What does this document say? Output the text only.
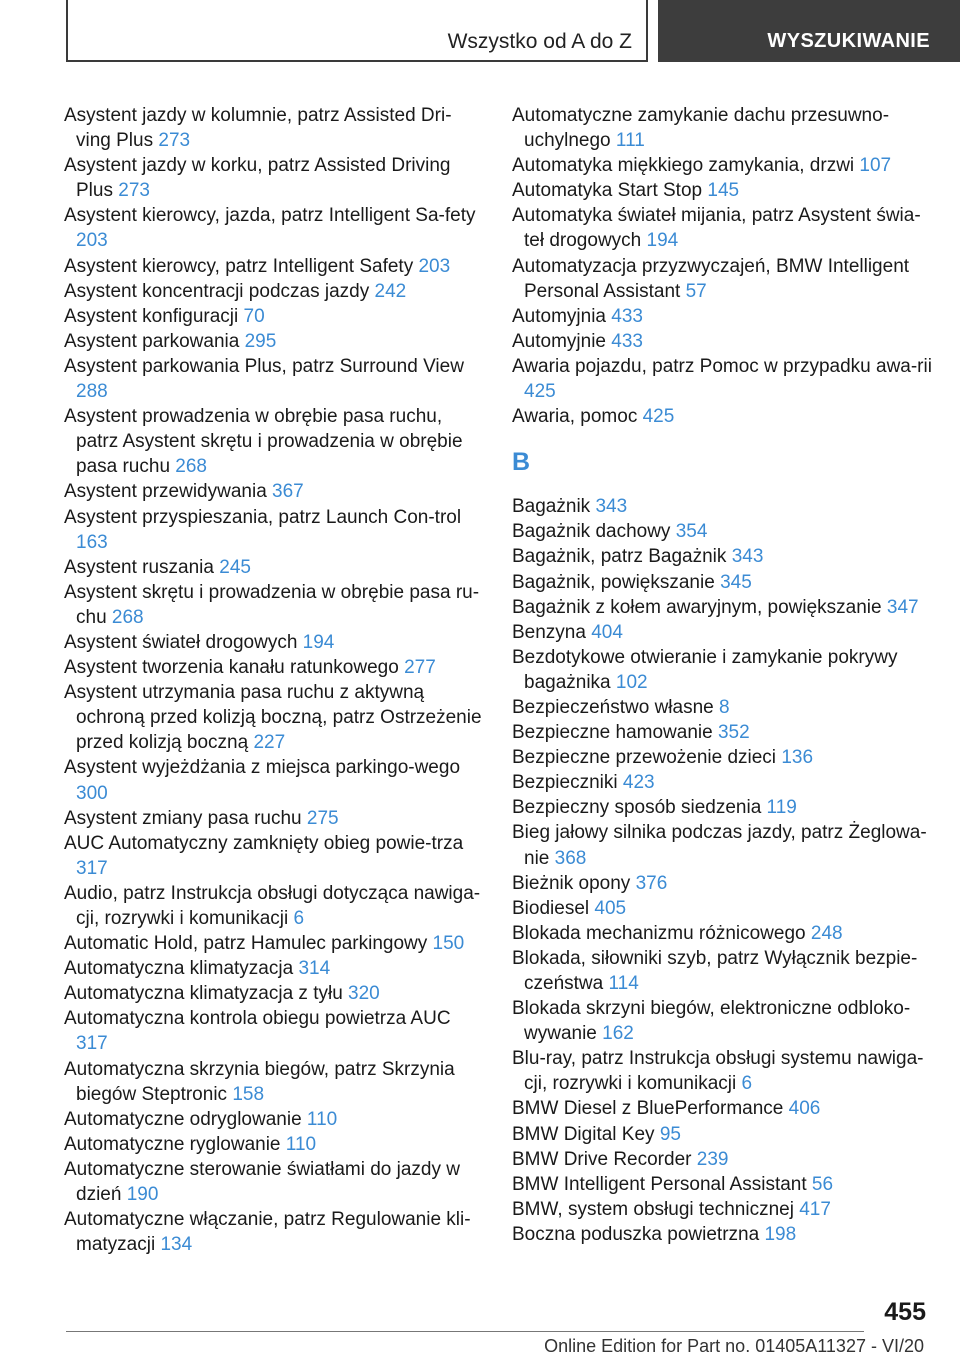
Wszystko od A do Z	WYSZUKIWANIE
Asystent jazdy w kolumnie, patrz Assisted Dri-ving Plus 273
Asystent jazdy w korku, patrz Assisted Driving Plus 273
Asystent kierowcy, jazda, patrz Intelligent Sa-fety 203
Asystent kierowcy, patrz Intelligent Safety 203
Asystent koncentracji podczas jazdy 242
Asystent konfiguracji 70
Asystent parkowania 295
Asystent parkowania Plus, patrz Surround View 288
Asystent prowadzenia w obrębie pasa ruchu, patrz Asystent skrętu i prowadzenia w obrębie pasa ruchu 268
Asystent przewidywania 367
Asystent przyspieszania, patrz Launch Con-trol 163
Asystent ruszania 245
Asystent skrętu i prowadzenia w obrębie pasa ru-chu 268
Asystent świateł drogowych 194
Asystent tworzenia kanału ratunkowego 277
Asystent utrzymania pasa ruchu z aktywną ochroną przed kolizją boczną, patrz Ostrzeżenie przed kolizją boczną 227
Asystent wyjeżdżania z miejsca parkingo-wego 300
Asystent zmiany pasa ruchu 275
AUC Automatyczny zamknięty obieg powie-trza 317
Audio, patrz Instrukcja obsługi dotycząca nawiga-cji, rozrywki i komunikacji 6
Automatic Hold, patrz Hamulec parkingowy 150
Automatyczna klimatyzacja 314
Automatyczna klimatyzacja z tyłu 320
Automatyczna kontrola obiegu powietrza AUC 317
Automatyczna skrzynia biegów, patrz Skrzynia biegów Steptronic 158
Automatyczne odryglowanie 110
Automatyczne ryglowanie 110
Automatyczne sterowanie światłami do jazdy w dzień 190
Automatyczne włączanie, patrz Regulowanie kli-matyzacji 134
Automatyczne zamykanie dachu przesuwno-uchylnego 111
Automatyka miękkiego zamykania, drzwi 107
Automatyka Start Stop 145
Automatyka świateł mijania, patrz Asystent świa-teł drogowych 194
Automatyzacja przyzwyczajeń, BMW Intelligent Personal Assistant 57
Automyjnia 433
Automyjnie 433
Awaria pojazdu, patrz Pomoc w przypadku awa-rii 425
Awaria, pomoc 425
B
Bagażnik 343
Bagażnik dachowy 354
Bagażnik, patrz Bagażnik 343
Bagażnik, powiększanie 345
Bagażnik z kołem awaryjnym, powiększanie 347
Benzyna 404
Bezdotykowe otwieranie i zamykanie pokrywy bagażnika 102
Bezpieczeństwo własne 8
Bezpieczne hamowanie 352
Bezpieczne przewożenie dzieci 136
Bezpieczniki 423
Bezpieczny sposób siedzenia 119
Bieg jałowy silnika podczas jazdy, patrz Żeglowa-nie 368
Bieżnik opony 376
Biodiesel 405
Blokada mechanizmu różnicowego 248
Blokada, siłowniki szyb, patrz Wyłącznik bezpie-czeństwa 114
Blokada skrzyni biegów, elektroniczne odbloko-wywanie 162
Blu-ray, patrz Instrukcja obsługi systemu nawiga-cji, rozrywki i komunikacji 6
BMW Diesel z BluePerformance 406
BMW Digital Key 95
BMW Drive Recorder 239
BMW Intelligent Personal Assistant 56
BMW, system obsługi technicznej 417
Boczna poduszka powietrzna 198
455
Online Edition for Part no. 01405A11327 - VI/20
